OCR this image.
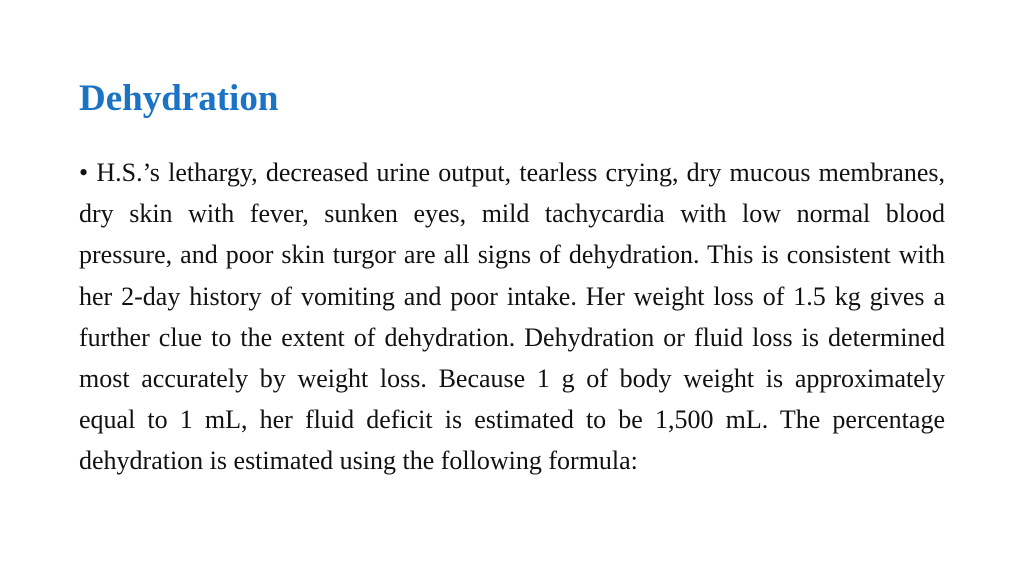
Dehydration

• H.S.’s lethargy, decreased urine output, tearless crying, dry mucous membranes, dry skin with fever, sunken eyes, mild tachycardia with low normal blood pressure, and poor skin turgor are all signs of dehydration. This is consistent with her 2-day history of vomiting and poor intake. Her weight loss of 1.5 kg gives a further clue to the extent of dehydration. Dehydration or fluid loss is determined most accurately by weight loss. Because 1 g of body weight is approximately equal to 1 mL, her fluid deficit is estimated to be 1,500 mL. The percentage dehydration is estimated using the following formula:
